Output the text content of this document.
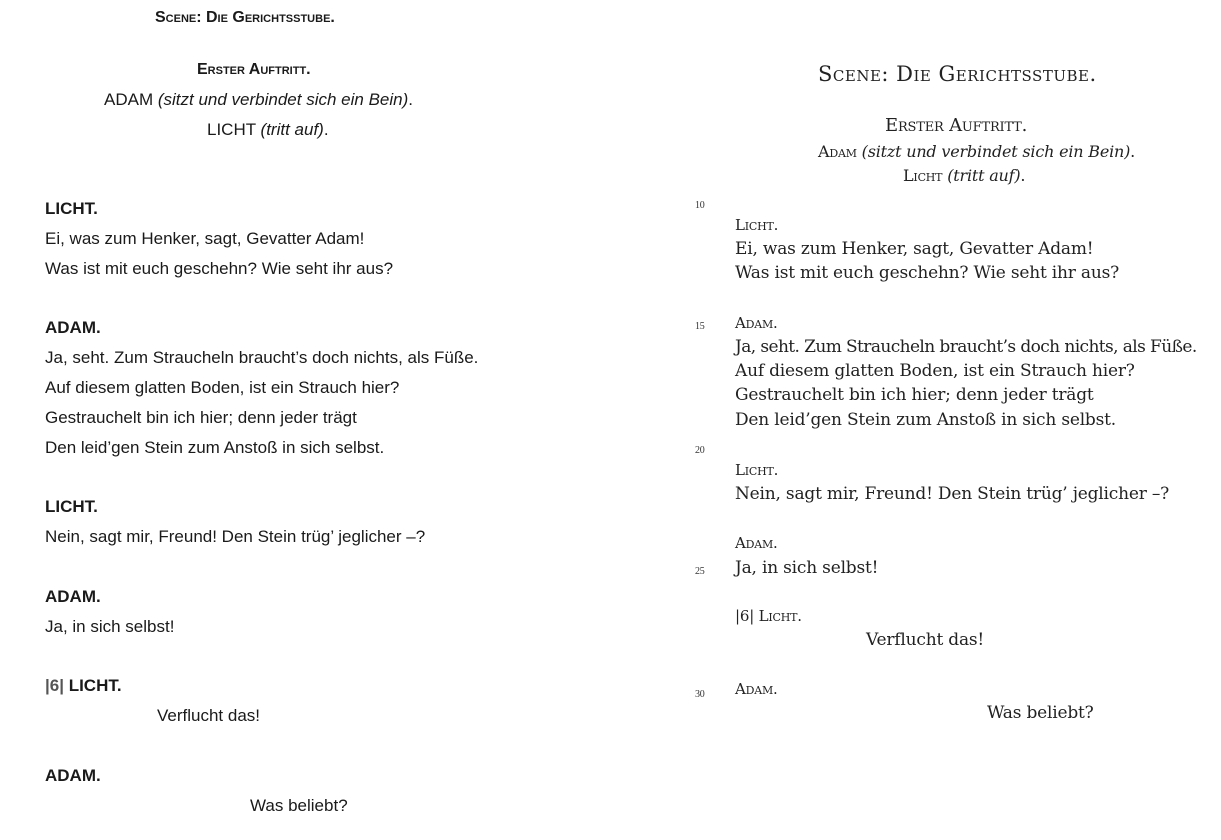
Scene: Die Gerichtsstube.
Erster Auftritt.
ADAM (sitzt und verbindet sich ein Bein).
LICHT (tritt auf).
LICHT.
Ei, was zum Henker, sagt, Gevatter Adam!
Was ist mit euch geschehn? Wie seht ihr aus?
ADAM.
Ja, seht. Zum Straucheln braucht’s doch nichts, als Füße.
Auf diesem glatten Boden, ist ein Strauch hier?
Gestrauchelt bin ich hier; denn jeder trägt
Den leid’gen Stein zum Anstoß in sich selbst.
LICHT.
Nein, sagt mir, Freund! Den Stein trüg’ jeglicher –?
ADAM.
Ja, in sich selbst!
|6| LICHT.
Verflucht das!
ADAM.
Was beliebt?
Scene: Die Gerichtsstube.
Erster Auftritt.
Adam (sitzt und verbindet sich ein Bein).
Licht (tritt auf).
10
15
20
25
30
Licht.
Ei, was zum Henker, sagt, Gevatter Adam!
Was ist mit euch geschehn? Wie seht ihr aus?
Adam.
Ja, seht. Zum Straucheln braucht’s doch nichts, als Füße.
Auf diesem glatten Boden, ist ein Strauch hier?
Gestrauchelt bin ich hier; denn jeder trägt
Den leid’gen Stein zum Anstoß in sich selbst.
Licht.
Nein, sagt mir, Freund! Den Stein trüg’ jeglicher –?
Adam.
Ja, in sich selbst!
|6| Licht.
Verflucht das!
Adam.
Was beliebt?
